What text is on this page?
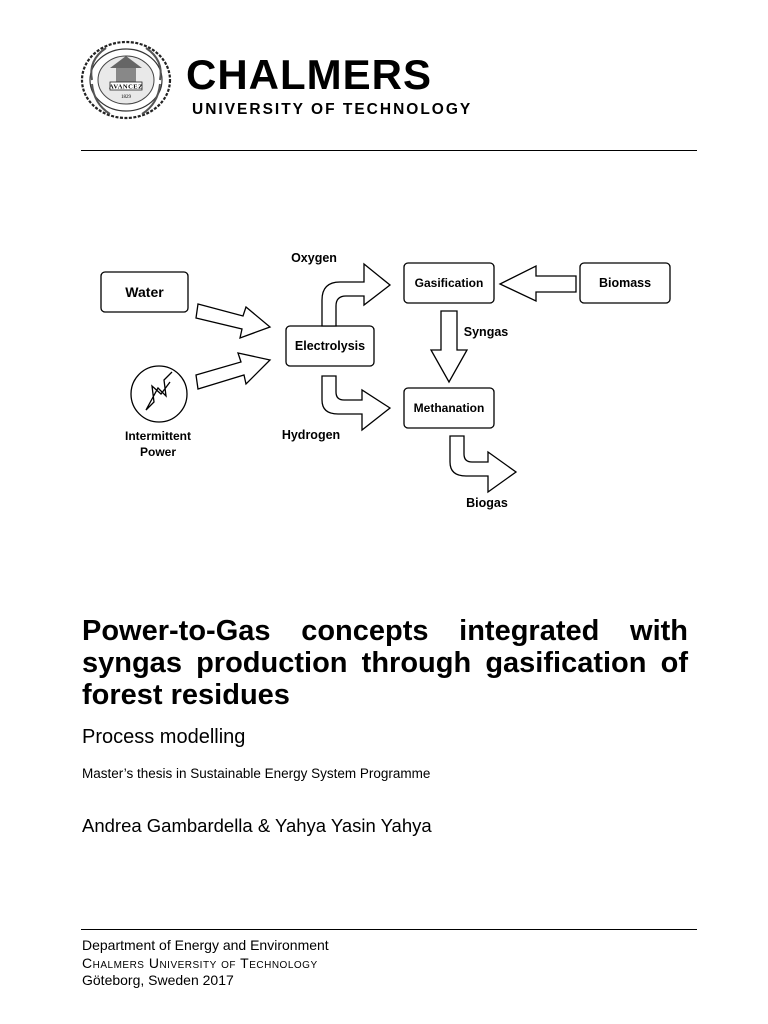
AVANCEZ
1829 CHALMERS
UNIVERSITY OF TECHNOLOGY
Water
Electrolysis
Gasification	Biomass
Methanation
Intermittent
Power
Oxygen
Hydrogen
Syngas
Biogas
Power-to-Gas concepts integrated with syngas production through gasification of forest residues
Process modelling
Master’s thesis in Sustainable Energy System Programme
Andrea Gambardella & Yahya Yasin Yahya
Department of Energy and Environment
Chalmers University of Technology
Göteborg, Sweden 2017
